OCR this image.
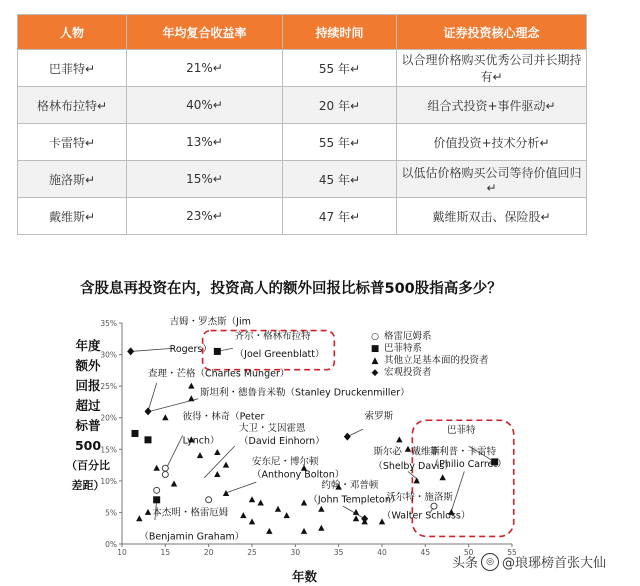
人物	年均复合收益率	持续时间	证券投资核心理念
巴菲特↵	21%↵	55 年↵	以合理价格购买优秀公司并长期持有↵
格林布拉特↵	40%↵	20 年↵	组合式投资+事件驱动↵
卡雷特↵	13%↵	55 年↵	价值投资+技术分析↵
施洛斯↵	15%↵	45 年↵	以低估价格购买公司等待价值回归↵
戴维斯↵	23%↵	47 年↵	戴维斯双击、保险股↵
含股息再投资在内，投资高人的额外回报比标普500股指高多少？
年度
额外
回报
超过
标普
500
（百分比
差距）
年数
10	15	20	25	30	35	40	45	50	55
0%
5%
10%
15%
20%
25%
30%
35%	吉姆・罗杰斯（Jim
Rogers）
齐尔・格林布拉特
（Joel Greenblatt）
查理・芒格（Charles Munger）
斯坦利・德鲁肯米勒（Stanley Druckenmiller）
彼得・林奇（Peter
Lynch）
大卫・艾因霍恩
（David Einhorn）
索罗斯
安东尼・博尔顿
（Anthony Bolton）
斯尔必・戴维斯
（Shelby Davis）
巴菲特
菲利普・卡雷特
（Philio Carret）
约翰・邓普顿
（John Templeton）
沃尔特・施洛斯
（Walter Schloss）
本杰明・格雷厄姆
（Benjamin Graham）
○ 格雷厄姆系
■ 巴菲特系
▲ 其他立足基本面的投资者
◆ 宏观投资者
头条 ◎ @琅琊榜首张大仙
